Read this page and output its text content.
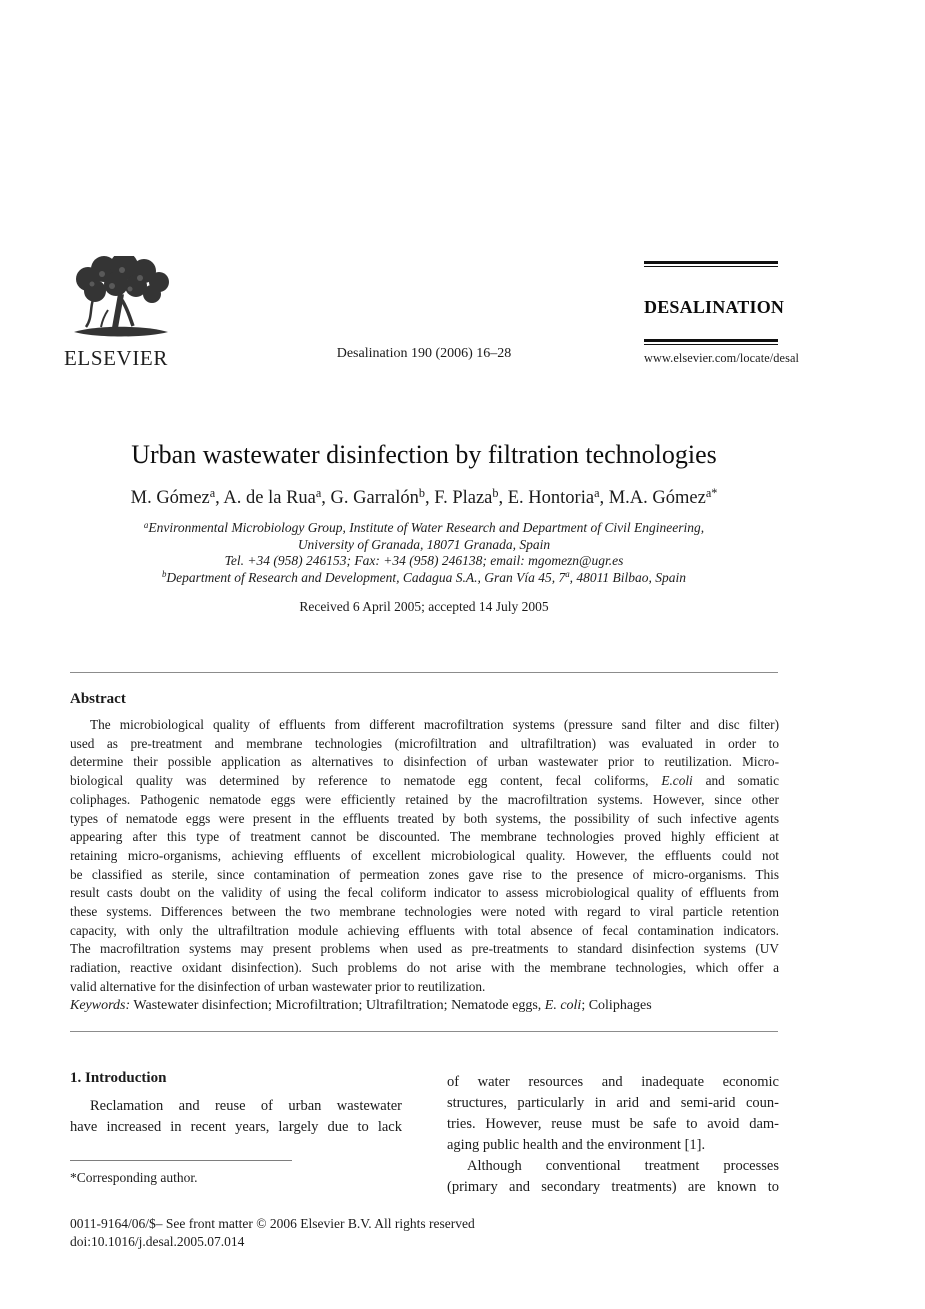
ELSEVIER	Desalination 190 (2006) 16–28
DESALINATION
www.elsevier.com/locate/desal
Urban wastewater disinfection by filtration technologies
M. Gómez$^a$, A. de la Rua$^a$, G. Garralón$^b$, F. Plaza$^b$, E. Hontoria$^a$, M.A. Gómez$^{a*}$
$^a$Environmental Microbiology Group, Institute of Water Research and Department of Civil Engineering,
University of Granada, 18071 Granada, Spain
Tel. +34 (958) 246153; Fax: +34 (958) 246138; email: mgomezn@ugr.es
$^b$Department of Research and Development, Cadagua S.A., Gran Vía 45, 7$^a$, 48011 Bilbao, Spain
Received 6 April 2005; accepted 14 July 2005
Abstract
The microbiological quality of effluents from different macrofiltration systems (pressure sand filter and disc filter)
used as pre-treatment and membrane technologies (microfiltration and ultrafiltration) was evaluated in order to
determine their possible application as alternatives to disinfection of urban wastewater prior to reutilization. Micro-
biological quality was determined by reference to nematode egg content, fecal coliforms, E.coli and somatic
coliphages. Pathogenic nematode eggs were efficiently retained by the macrofiltration systems. However, since other
types of nematode eggs were present in the effluents treated by both systems, the possibility of such infective agents
appearing after this type of treatment cannot be discounted. The membrane technologies proved highly efficient at
retaining micro-organisms, achieving effluents of excellent microbiological quality. However, the effluents could not
be classified as sterile, since contamination of permeation zones gave rise to the presence of micro-organisms. This
result casts doubt on the validity of using the fecal coliform indicator to assess microbiological quality of effluents from
these systems. Differences between the two membrane technologies were noted with regard to viral particle retention
capacity, with only the ultrafiltration module achieving effluents with total absence of fecal contamination indicators.
The macrofiltration systems may present problems when used as pre-treatments to standard disinfection systems (UV
radiation, reactive oxidant disinfection). Such problems do not arise with the membrane technologies, which offer a
valid alternative for the disinfection of urban wastewater prior to reutilization.
Keywords: Wastewater disinfection; Microfiltration; Ultrafiltration; Nematode eggs, E. coli; Coliphages
1. Introduction
Reclamation and reuse of urban wastewater
have increased in recent years, largely due to lack
of water resources and inadequate economic
structures, particularly in arid and semi-arid coun-
tries. However, reuse must be safe to avoid dam-
aging public health and the environment [1].
Although conventional treatment processes
(primary and secondary treatments) are known to
*Corresponding author.
0011-9164/06/$– See front matter © 2006 Elsevier B.V. All rights reserved
doi:10.1016/j.desal.2005.07.014
